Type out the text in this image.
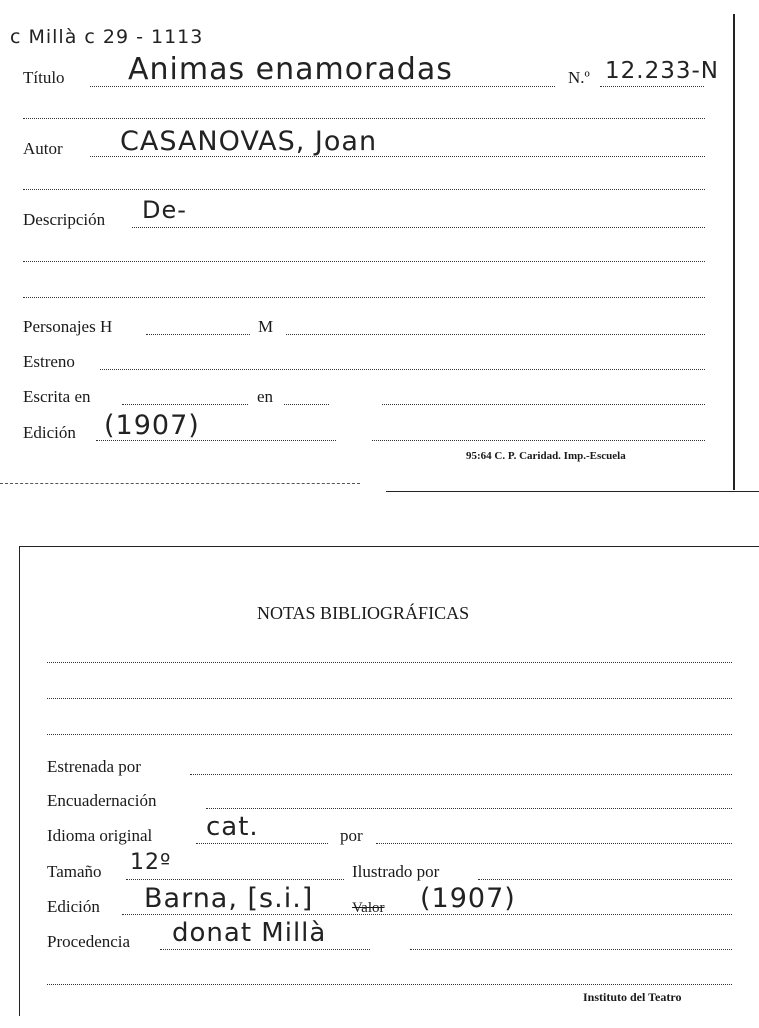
c Millà c 29 - 1113
Título Animas enamoradas	N.º 12.233-N
Autor CASANOVAS, Joan
Descripción De-
Personajes H	M
Estreno
Escrita en	en
Edición (1907)
95:64 C. P. Caridad. Imp.-Escuela
NOTAS BIBLIOGRÁFICAS
Estrenada por
Encuadernación
Idioma original cat.	por
Tamaño 12º	Ilustrado por
Edición Barna, [s.i.]	Valor (1907)
Procedencia donat Millà
Instituto del Teatro
